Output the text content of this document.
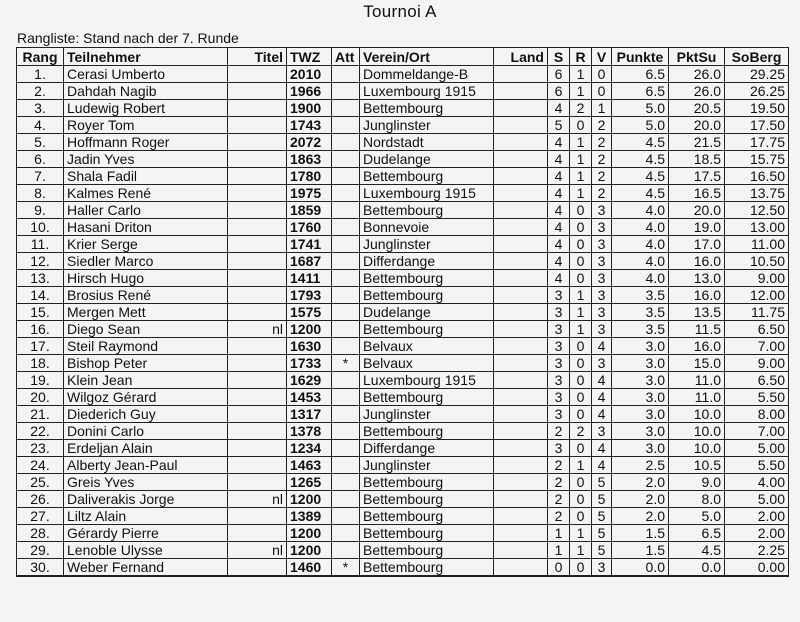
Tournoi A
Rangliste: Stand nach der 7. Runde
Rang	Teilnehmer	Titel	TWZ	Att	Verein/Ort	Land	S	R	V	Punkte	PktSu	SoBerg
1.	Cerasi Umberto		2010		Dommeldange-B		6	1	0	6.5	26.0	29.25
2.	Dahdah Nagib		1966		Luxembourg 1915		6	1	0	6.5	26.0	26.25
3.	Ludewig Robert		1900		Bettembourg		4	2	1	5.0	20.5	19.50
4.	Royer Tom		1743		Junglinster		5	0	2	5.0	20.0	17.50
5.	Hoffmann Roger		2072		Nordstadt		4	1	2	4.5	21.5	17.75
6.	Jadin Yves		1863		Dudelange		4	1	2	4.5	18.5	15.75
7.	Shala Fadil		1780		Bettembourg		4	1	2	4.5	17.5	16.50
8.	Kalmes René		1975		Luxembourg 1915		4	1	2	4.5	16.5	13.75
9.	Haller Carlo		1859		Bettembourg		4	0	3	4.0	20.0	12.50
10.	Hasani Driton		1760		Bonnevoie		4	0	3	4.0	19.0	13.00
11.	Krier Serge		1741		Junglinster		4	0	3	4.0	17.0	11.00
12.	Siedler Marco		1687		Differdange		4	0	3	4.0	16.0	10.50
13.	Hirsch Hugo		1411		Bettembourg		4	0	3	4.0	13.0	9.00
14.	Brosius René		1793		Bettembourg		3	1	3	3.5	16.0	12.00
15.	Mergen Mett		1575		Dudelange		3	1	3	3.5	13.5	11.75
16.	Diego Sean	nl	1200		Bettembourg		3	1	3	3.5	11.5	6.50
17.	Steil Raymond		1630		Belvaux		3	0	4	3.0	16.0	7.00
18.	Bishop Peter		1733	*	Belvaux		3	0	3	3.0	15.0	9.00
19.	Klein Jean		1629		Luxembourg 1915		3	0	4	3.0	11.0	6.50
20.	Wilgoz Gérard		1453		Bettembourg		3	0	4	3.0	11.0	5.50
21.	Diederich Guy		1317		Junglinster		3	0	4	3.0	10.0	8.00
22.	Donini Carlo		1378		Bettembourg		2	2	3	3.0	10.0	7.00
23.	Erdeljan Alain		1234		Differdange		3	0	4	3.0	10.0	5.00
24.	Alberty Jean-Paul		1463		Junglinster		2	1	4	2.5	10.5	5.50
25.	Greis Yves		1265		Bettembourg		2	0	5	2.0	9.0	4.00
26.	Daliverakis Jorge	nl	1200		Bettembourg		2	0	5	2.0	8.0	5.00
27.	Liltz Alain		1389		Bettembourg		2	0	5	2.0	5.0	2.00
28.	Gérardy Pierre		1200		Bettembourg		1	1	5	1.5	6.5	2.00
29.	Lenoble Ulysse	nl	1200		Bettembourg		1	1	5	1.5	4.5	2.25
30.	Weber Fernand		1460	*	Bettembourg		0	0	3	0.0	0.0	0.00
